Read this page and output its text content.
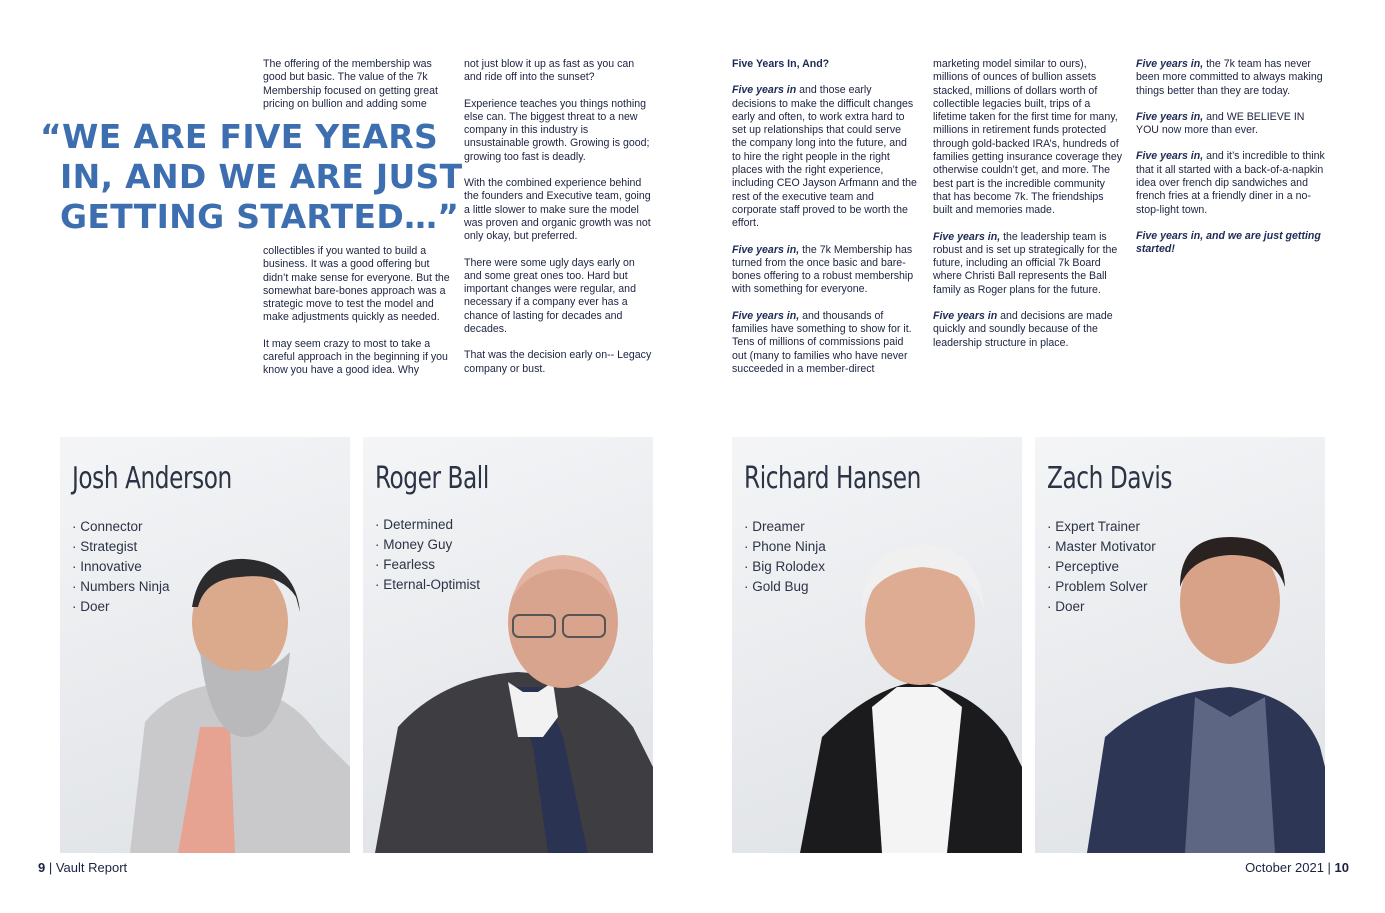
“WE ARE FIVE YEARS
IN, AND WE ARE JUST
GETTING STARTED…”

The offering of the membership was good but basic. The value of the 7k Membership focused on getting great pricing on bullion and adding some

collectibles if you wanted to build a business. It was a good offering but didn’t make sense for everyone. But the somewhat bare-bones approach was a strategic move to test the model and make adjustments quickly as needed.

It may seem crazy to most to take a careful approach in the beginning if you know you have a good idea. Why

not just blow it up as fast as you can and ride off into the sunset?

Experience teaches you things nothing else can. The biggest threat to a new company in this industry is unsustainable growth. Growing is good; growing too fast is deadly.

With the combined experience behind the founders and Executive team, going a little slower to make sure the model was proven and organic growth was not only okay, but preferred.

There were some ugly days early on and some great ones too. Hard but important changes were regular, and necessary if a company ever has a chance of lasting for decades and decades.

That was the decision early on-- Legacy company or bust.

Five Years In, And?

Five years in and those early decisions to make the difficult changes early and often, to work extra hard to set up relationships that could serve the company long into the future, and to hire the right people in the right places with the right experience, including CEO Jayson Arfmann and the rest of the executive team and corporate staff proved to be worth the effort.

Five years in, the 7k Membership has turned from the once basic and bare-bones offering to a robust membership with something for everyone.

Five years in, and thousands of families have something to show for it. Tens of millions of commissions paid out (many to families who have never succeeded in a member-direct

marketing model similar to ours), millions of ounces of bullion assets stacked, millions of dollars worth of collectible legacies built, trips of a lifetime taken for the first time for many, millions in retirement funds protected through gold-backed IRA’s, hundreds of families getting insurance coverage they otherwise couldn’t get, and more. The best part is the incredible community that has become 7k. The friendships built and memories made.

Five years in, the leadership team is robust and is set up strategically for the future, including an official 7k Board where Christi Ball represents the Ball family as Roger plans for the future.

Five years in and decisions are made quickly and soundly because of the leadership structure in place.

Five years in, the 7k team has never been more committed to always making things better than they are today.

Five years in, and WE BELIEVE IN YOU now more than ever.

Five years in, and it’s incredible to think that it all started with a back-of-a-napkin idea over french dip sandwiches and french fries at a friendly diner in a no-stop-light town.

Five years in, and we are just getting started!

Josh Anderson
· Connector
· Strategist
· Innovative
· Numbers Ninja
· Doer
Roger Ball
· Determined
· Money Guy
· Fearless
· Eternal-Optimist
Richard Hansen
· Dreamer
· Phone Ninja
· Big Rolodex
· Gold Bug
Zach Davis
· Expert Trainer
· Master Motivator
· Perceptive
· Problem Solver
· Doer
9 | Vault Report	October 2021 | 10
